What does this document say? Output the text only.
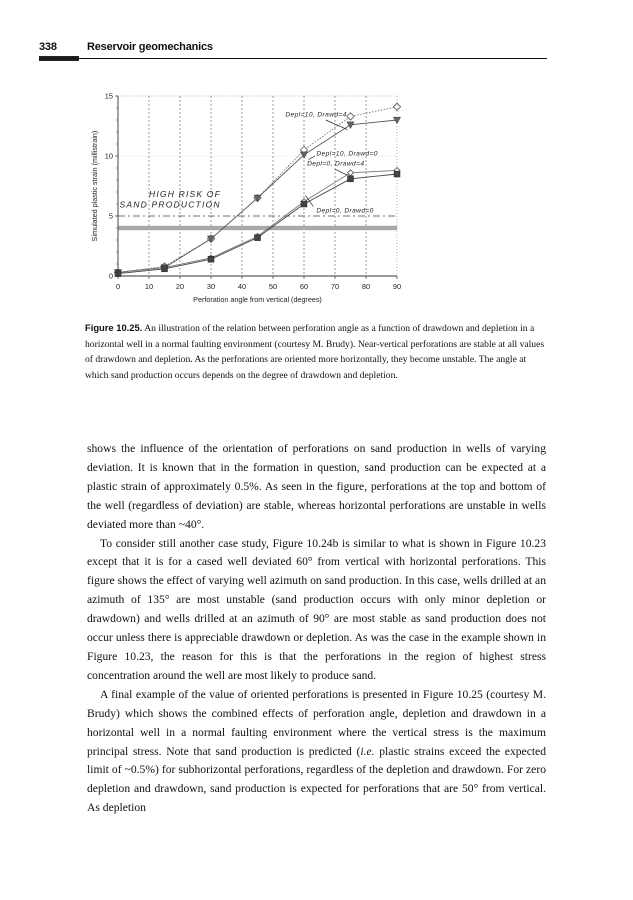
338	Reservoir geomechanics
0	10	20	30	40	50	60	70	80	90
0
5
10
15
HIGH RISK OF
SAND PRODUCTION
Depl=10, Drawd=4
Depl=10, Drawd=0
Depl=0, Drawd=4
Depl=0, Drawd=0
Perforation angle from vertical (degrees)
Simulated plastic strain (millistrain)
Figure 10.25. An illustration of the relation between perforation angle as a function of drawdown and depletion in a horizontal well in a normal faulting environment (courtesy M. Brudy). Near-vertical perforations are stable at all values of drawdown and depletion. As the perforations are oriented more horizontally, they become unstable. The angle at which sand production occurs depends on the degree of drawdown and depletion.

shows the influence of the orientation of perforations on sand production in wells of varying deviation. It is known that in the formation in question, sand production can be expected at a plastic strain of approximately 0.5%. As seen in the figure, perforations at the top and bottom of the well (regardless of deviation) are stable, whereas horizontal perforations are unstable in wells deviated more than ~40°.

To consider still another case study, Figure 10.24b is similar to what is shown in Figure 10.23 except that it is for a cased well deviated 60° from vertical with horizontal perforations. This figure shows the effect of varying well azimuth on sand production. In this case, wells drilled at an azimuth of 135° are most unstable (sand production occurs with only minor depletion or drawdown) and wells drilled at an azimuth of 90° are most stable as sand production does not occur unless there is appreciable drawdown or depletion. As was the case in the example shown in Figure 10.23, the reason for this is that the perforations in the region of highest stress concentration around the well are most likely to produce sand.

A final example of the value of oriented perforations is presented in Figure 10.25 (courtesy M. Brudy) which shows the combined effects of perforation angle, depletion and drawdown in a horizontal well in a normal faulting environment where the vertical stress is the maximum principal stress. Note that sand production is predicted (i.e. plastic strains exceed the expected limit of ~0.5%) for subhorizontal perforations, regardless of the depletion and drawdown. For zero depletion and drawdown, sand production is expected for perforations that are 50° from vertical. As depletion
